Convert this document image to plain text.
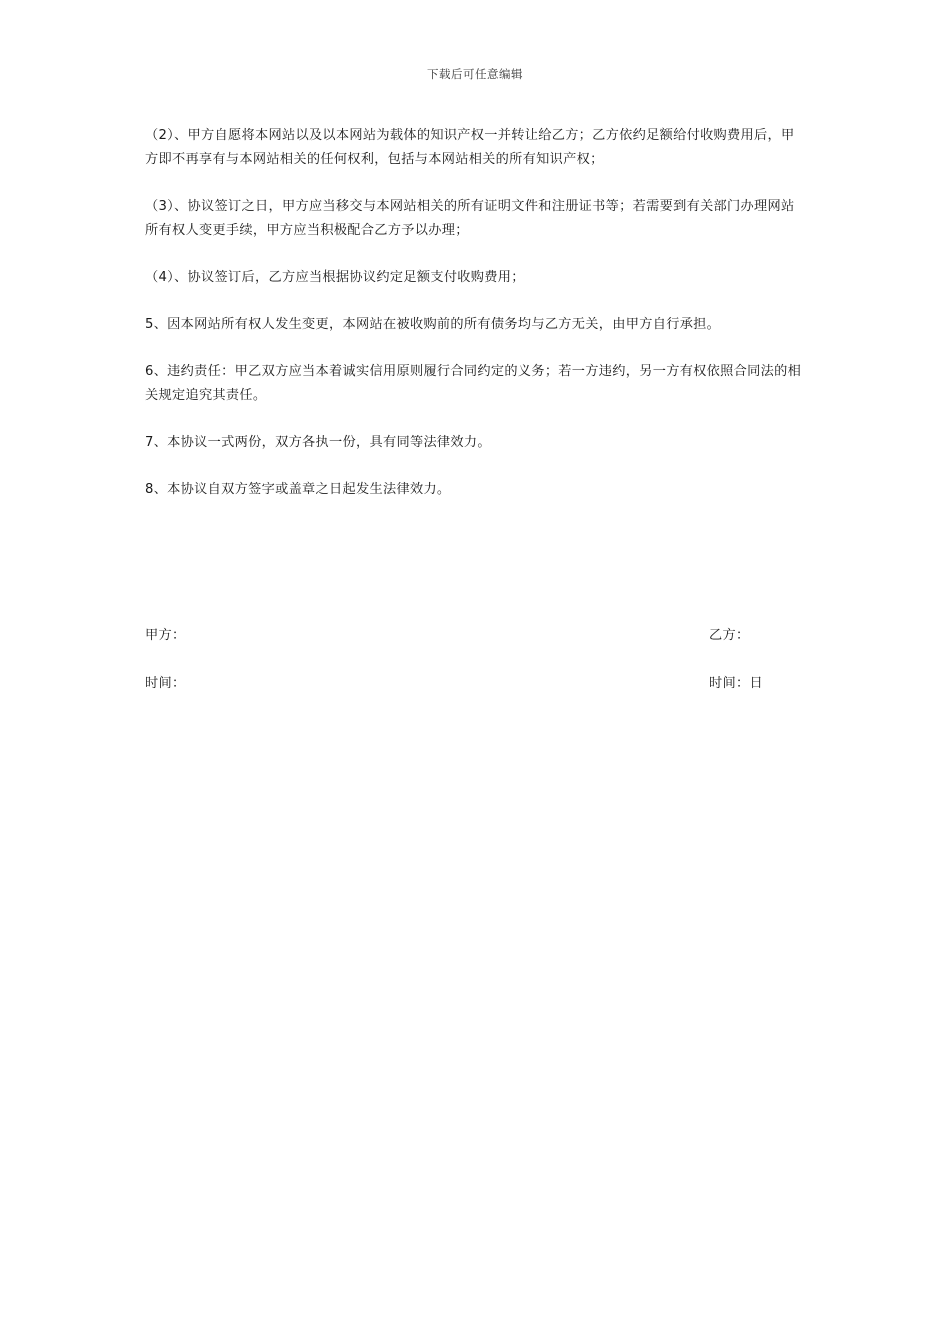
下载后可任意编辑

（2）、甲方自愿将本网站以及以本网站为载体的知识产权一并转让给乙方；乙方依约足额给付收购费用后，甲方即不再享有与本网站相关的任何权利，包括与本网站相关的所有知识产权；

（3）、协议签订之日，甲方应当移交与本网站相关的所有证明文件和注册证书等；若需要到有关部门办理网站所有权人变更手续，甲方应当积极配合乙方予以办理；

（4）、协议签订后，乙方应当根据协议约定足额支付收购费用；

5、因本网站所有权人发生变更，本网站在被收购前的所有债务均与乙方无关，由甲方自行承担。

6、违约责任：甲乙双方应当本着诚实信用原则履行合同约定的义务；若一方违约，另一方有权依照合同法的相关规定追究其责任。

7、本协议一式两份，双方各执一份，具有同等法律效力。

8、本协议自双方签字或盖章之日起发生法律效力。

甲方：	乙方：
时间：	时间：日
